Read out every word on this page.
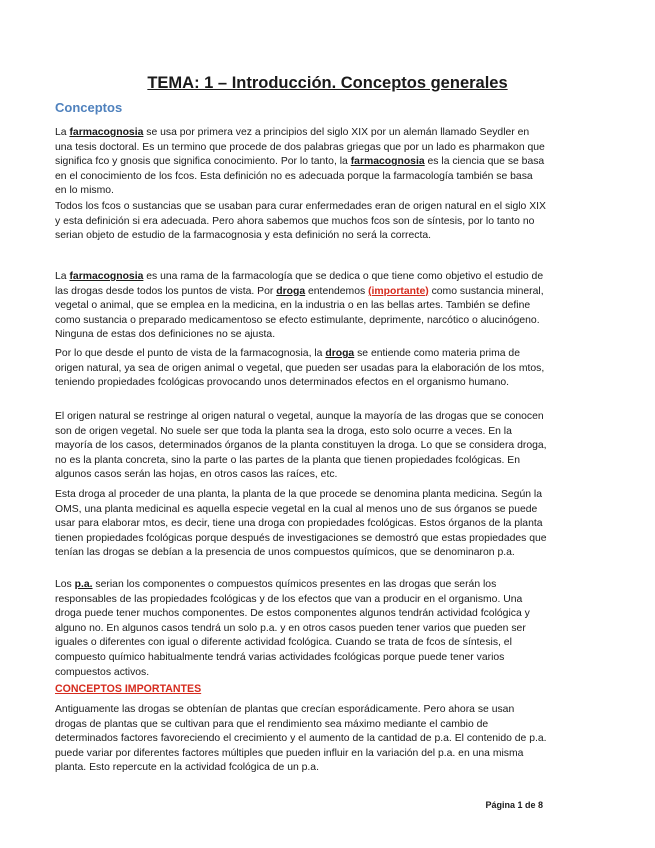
TEMA: 1 – Introducción. Conceptos generales
Conceptos

La farmacognosia se usa por primera vez a principios del siglo XIX por un alemán llamado Seydler en una tesis doctoral. Es un termino que procede de dos palabras griegas que por un lado es pharmakon que significa fco y gnosis que significa conocimiento. Por lo tanto, la farmacognosia es la ciencia que se basa en el conocimiento de los fcos. Esta definición no es adecuada porque la farmacología también se basa en lo mismo.

Todos los fcos o sustancias que se usaban para curar enfermedades eran de origen natural en el siglo XIX y esta definición si era adecuada. Pero ahora sabemos que muchos fcos son de síntesis, por lo tanto no serian objeto de estudio de la farmacognosia y esta definición no será la correcta.

La farmacognosia es una rama de la farmacología que se dedica o que tiene como objetivo el estudio de las drogas desde todos los puntos de vista. Por droga entendemos (importante) como sustancia mineral, vegetal o animal, que se emplea en la medicina, en la industria o en las bellas artes. También se define como sustancia o preparado medicamentoso se efecto estimulante, deprimente, narcótico o alucinógeno. Ninguna de estas dos definiciones no se ajusta.

Por lo que desde el punto de vista de la farmacognosia, la droga se entiende como materia prima de origen natural, ya sea de origen animal o vegetal, que pueden ser usadas para la elaboración de los mtos, teniendo propiedades fcológicas provocando unos determinados efectos en el organismo humano.

El origen natural se restringe al origen natural o vegetal, aunque la mayoría de las drogas que se conocen son de origen vegetal. No suele ser que toda la planta sea la droga, esto solo ocurre a veces. En la mayoría de los casos, determinados órganos de la planta constituyen la droga. Lo que se considera droga, no es la planta concreta, sino la parte o las partes de la planta que tienen propiedades fcológicas. En algunos casos serán las hojas, en otros casos las raíces, etc.

Esta droga al proceder de una planta, la planta de la que procede se denomina planta medicina. Según la OMS, una planta medicinal es aquella especie vegetal en la cual al menos uno de sus órganos se puede usar para elaborar mtos, es decir, tiene una droga con propiedades fcológicas. Estos órganos de la planta tienen propiedades fcológicas porque después de investigaciones se demostró que estas propiedades que tenían las drogas se debían a la presencia de unos compuestos químicos, que se denominaron p.a.

Los p.a. serian los componentes o compuestos químicos presentes en las drogas que serán los responsables de las propiedades fcológicas y de los efectos que van a producir en el organismo. Una droga puede tener muchos componentes. De estos componentes algunos tendrán actividad fcológica y alguno no. En algunos casos tendrá un solo p.a. y en otros casos pueden tener varios que pueden ser iguales o diferentes con igual o diferente actividad fcológica. Cuando se trata de fcos de síntesis, el compuesto químico habitualmente tendrá varias actividades fcológicas porque puede tener varios compuestos activos.

CONCEPTOS IMPORTANTES

Antiguamente las drogas se obtenían de plantas que crecían esporádicamente. Pero ahora se usan drogas de plantas que se cultivan para que el rendimiento sea máximo mediante el cambio de determinados factores favoreciendo el crecimiento y el aumento de la cantidad de p.a. El contenido de p.a. puede variar por diferentes factores múltiples que pueden influir en la variación del p.a. en una misma planta. Esto repercute en la actividad fcológica de un p.a.

Página 1 de 8
